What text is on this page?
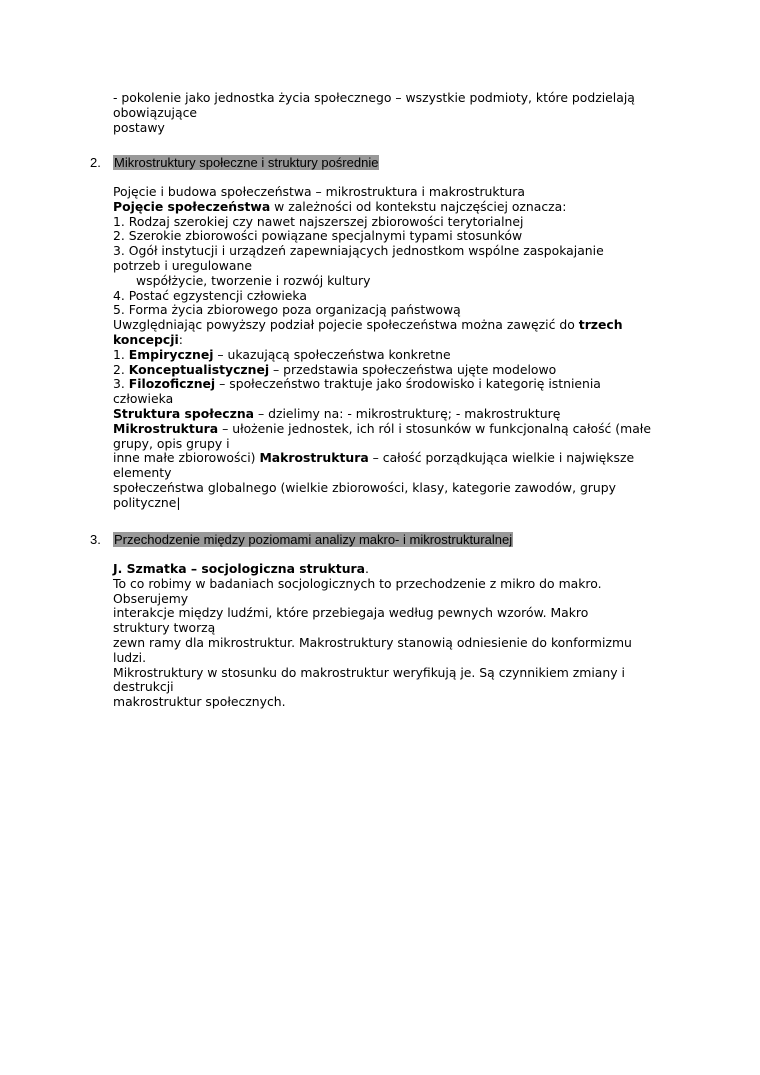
- pokolenie jako jednostka życia społecznego – wszystkie podmioty, które podzielają
obowiązujące
postawy
2. Mikrostruktury społeczne i struktury pośrednie
Pojęcie i budowa społeczeństwa – mikrostruktura i makrostruktura
Pojęcie społeczeństwa w zależności od kontekstu najczęściej oznacza:
1. Rodzaj szerokiej czy nawet najszerszej zbiorowości terytorialnej
2. Szerokie zbiorowości powiązane specjalnymi typami stosunków
3. Ogół instytucji i urządzeń zapewniających jednostkom wspólne zaspokajanie
potrzeb i uregulowane
współżycie, tworzenie i rozwój kultury
4. Postać egzystencji człowieka
5. Forma życia zbiorowego poza organizacją państwową
Uwzględniając powyższy podział pojecie społeczeństwa można zawęzić do trzech
koncepcji:
1. Empirycznej – ukazującą społeczeństwa konkretne
2. Konceptualistycznej – przedstawia społeczeństwa ujęte modelowo
3. Filozoficznej – społeczeństwo traktuje jako środowisko i kategorię istnienia
człowieka
Struktura społeczna – dzielimy na: - mikrostrukturę; - makrostrukturę
Mikrostruktura – ułożenie jednostek, ich ról i stosunków w funkcjonalną całość (małe
grupy, opis grupy i
inne małe zbiorowości) Makrostruktura – całość porządkująca wielkie i największe
elementy
społeczeństwa globalnego (wielkie zbiorowości, klasy, kategorie zawodów, grupy
polityczne|
3. Przechodzenie między poziomami analizy makro- i mikrostrukturalnej
J. Szmatka – socjologiczna struktura.
To co robimy w badaniach socjologicznych to przechodzenie z mikro do makro.
Obserujemy
interakcje między ludźmi, które przebiegaja według pewnych wzorów. Makro
struktury tworzą
zewn ramy dla mikrostruktur. Makrostruktury stanowią odniesienie do konformizmu
ludzi.
Mikrostruktury w stosunku do makrostruktur weryfikują je. Są czynnikiem zmiany i
destrukcji
makrostruktur społecznych.
